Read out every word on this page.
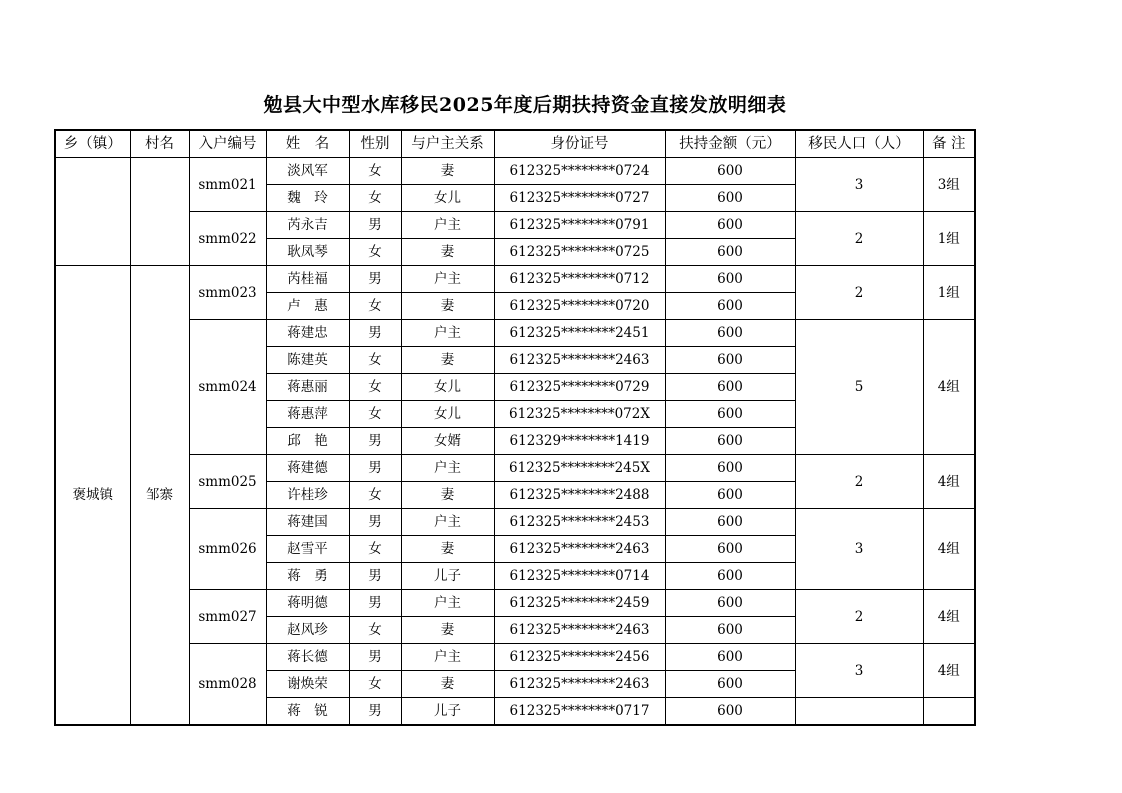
勉县大中型水库移民2025年度后期扶持资金直接发放明细表
乡（镇）	村名	入户编号	姓　名	性别	与户主关系	身份证号	扶持金额（元）	移民人口（人）	备 注
		smm021	淡风军	女	妻	612325********0724	600	3	3组
			魏　玲	女	女儿	612325********0727	600		
		smm022	芮永吉	男	户主	612325********0791	600	2	1组
			耿凤琴	女	妻	612325********0725	600		
褒城镇	邹寨	smm023	芮桂福	男	户主	612325********0712	600	2	1组
			卢　惠	女	妻	612325********0720	600		
		smm024	蒋建忠	男	户主	612325********2451	600	5	4组
			陈建英	女	妻	612325********2463	600		
			蒋惠丽	女	女儿	612325********0729	600		
			蒋惠萍	女	女儿	612325********072X	600		
			邱　艳	男	女婿	612329********1419	600		
		smm025	蒋建德	男	户主	612325********245X	600	2	4组
			许桂珍	女	妻	612325********2488	600		
		smm026	蒋建国	男	户主	612325********2453	600	3	4组
			赵雪平	女	妻	612325********2463	600		
			蒋　勇	男	儿子	612325********0714	600		
		smm027	蒋明德	男	户主	612325********2459	600	2	4组
			赵风珍	女	妻	612325********2463	600		
		smm028	蒋长德	男	户主	612325********2456	600	3	4组
			谢焕荣	女	妻	612325********2463	600		
			蒋　锐	男	儿子	612325********0717	600		
